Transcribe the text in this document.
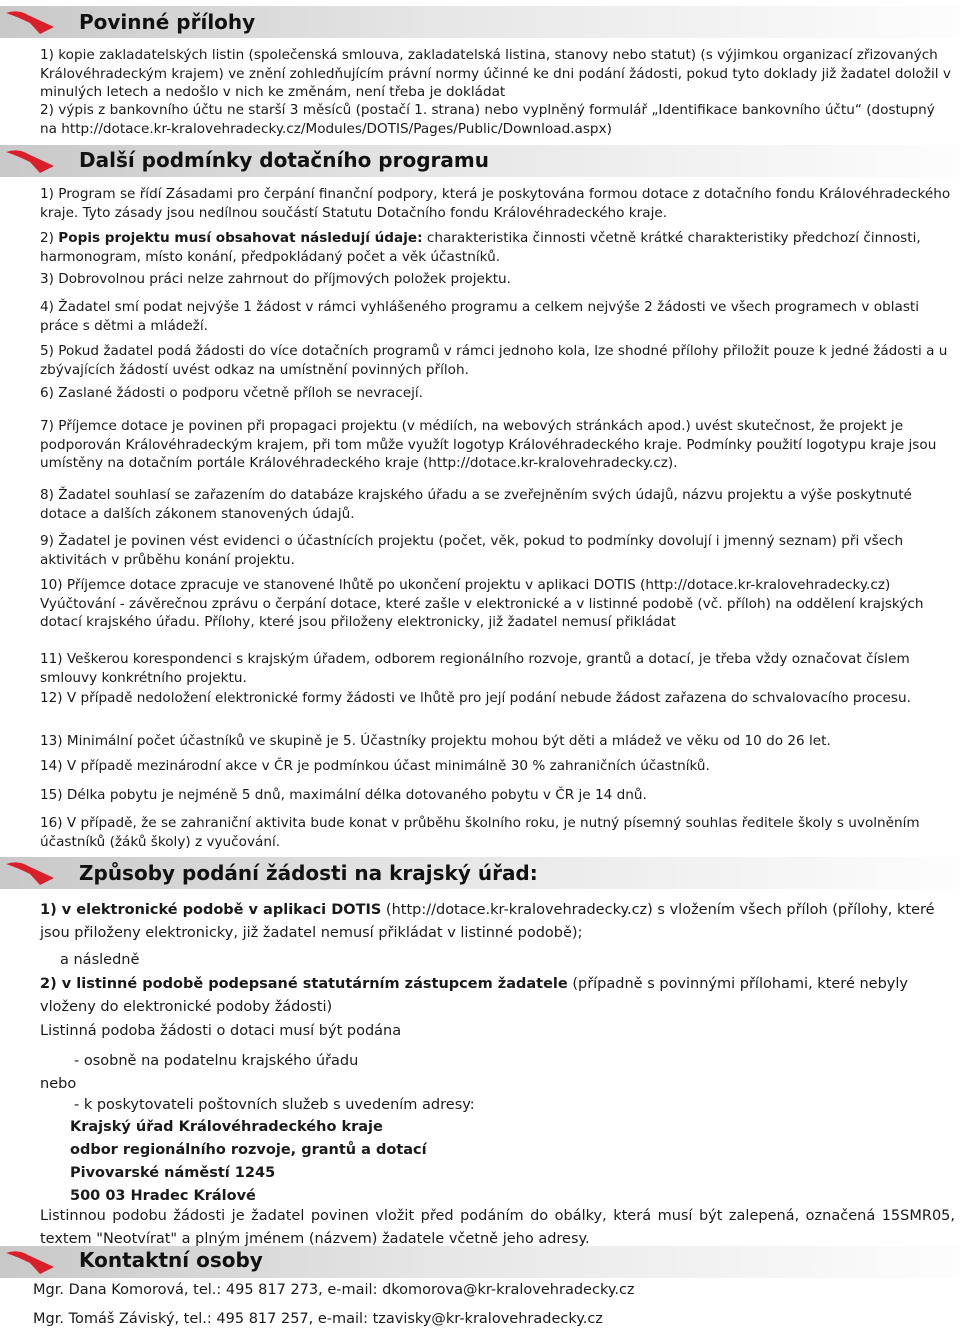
Povinné přílohy
1) kopie zakladatelských listin (společenská smlouva, zakladatelská listina, stanovy nebo statut) (s výjimkou organizací zřizovaných Královéhradeckým krajem) ve znění zohledňujícím právní normy účinné ke dni podání žádosti, pokud tyto doklady již žadatel doložil v minulých letech a nedošlo v nich ke změnám, není třeba je dokládat
2) výpis z bankovního účtu ne starší 3 měsíců (postačí 1. strana) nebo vyplněný formulář „Identifikace bankovního účtu“ (dostupný na http://dotace.kr-kralovehradecky.cz/Modules/DOTIS/Pages/Public/Download.aspx)
Další podmínky dotačního programu
1) Program se řídí Zásadami pro čerpání finanční podpory, která je poskytována formou dotace z dotačního fondu Královéhradeckého kraje. Tyto zásady jsou nedílnou součástí Statutu Dotačního fondu Královéhradeckého kraje.
2) Popis projektu musí obsahovat následují údaje: charakteristika činnosti včetně krátké charakteristiky předchozí činnosti, harmonogram, místo konání, předpokládaný počet a věk účastníků.
3) Dobrovolnou práci nelze zahrnout do příjmových položek projektu.
4) Žadatel smí podat nejvýše 1 žádost v rámci vyhlášeného programu a celkem nejvýše 2 žádosti ve všech programech v oblasti práce s dětmi a mládeží.
5) Pokud žadatel podá žádosti do více dotačních programů v rámci jednoho kola, lze shodné přílohy přiložit pouze k jedné žádosti a u zbývajících žádostí uvést odkaz na umístnění povinných příloh.
6) Zaslané žádosti o podporu včetně příloh se nevracejí.
7) Příjemce dotace je povinen při propagaci projektu (v médiích, na webových stránkách apod.) uvést skutečnost, že projekt je podporován Královéhradeckým krajem, při tom může využít logotyp Královéhradeckého kraje. Podmínky použití logotypu kraje jsou umístěny na dotačním portále Královéhradeckého kraje (http://dotace.kr-kralovehradecky.cz).
8) Žadatel souhlasí se zařazením do databáze krajského úřadu a se zveřejněním svých údajů, názvu projektu a výše poskytnuté dotace a dalších zákonem stanovených údajů.
9) Žadatel je povinen vést evidenci o účastnících projektu (počet, věk, pokud to podmínky dovolují i jmenný seznam) při všech aktivitách v průběhu konání projektu.
10) Příjemce dotace zpracuje ve stanovené lhůtě po ukončení projektu v aplikaci DOTIS (http://dotace.kr-kralovehradecky.cz) Vyúčtování - závěrečnou zprávu o čerpání dotace, které zašle v elektronické a v listinné podobě (vč. příloh) na oddělení krajských dotací krajského úřadu. Přílohy, které jsou přiloženy elektronicky, již žadatel nemusí přikládat
11) Veškerou korespondenci s krajským úřadem, odborem regionálního rozvoje, grantů a dotací, je třeba vždy označovat číslem smlouvy konkrétního projektu.
12) V případě nedoložení elektronické formy žádosti ve lhůtě pro její podání nebude žádost zařazena do schvalovacího procesu.
13) Minimální počet účastníků ve skupině je 5. Účastníky projektu mohou být děti a mládež ve věku od 10 do 26 let.
14) V případě mezinárodní akce v ČR je podmínkou účast minimálně 30 % zahraničních účastníků.
15) Délka pobytu je nejméně 5 dnů, maximální délka dotovaného pobytu v ČR je 14 dnů.
16) V případě, že se zahraniční aktivita bude konat v průběhu školního roku, je nutný písemný souhlas ředitele školy s uvolněním účastníků (žáků školy) z vyučování.
Způsoby podání žádosti na krajský úřad:
1) v elektronické podobě v aplikaci DOTIS (http://dotace.kr-kralovehradecky.cz) s vložením všech příloh (přílohy, které jsou přiloženy elektronicky, již žadatel nemusí přikládat v listinné podobě);
a následně
2) v listinné podobě podepsané statutárním zástupcem žadatele (případně s povinnými přílohami, které nebyly vloženy do elektronické podoby žádosti)
Listinná podoba žádosti o dotaci musí být podána
- osobně na podatelnu krajského úřadu
nebo
- k poskytovateli poštovních služeb s uvedením adresy:
Krajský úřad Královéhradeckého kraje
odbor regionálního rozvoje, grantů a dotací
Pivovarské náměstí 1245
500 03 Hradec Králové
Listinnou podobu žádosti je žadatel povinen vložit před podáním do obálky, která musí být zalepená, označená 15SMR05, textem "Neotvírat" a plným jménem (názvem) žadatele včetně jeho adresy.
Kontaktní osoby
Mgr. Dana Komorová, tel.: 495 817 273, e-mail: dkomorova@kr-kralovehradecky.cz
Mgr. Tomáš Záviský, tel.: 495 817 257, e-mail: tzavisky@kr-kralovehradecky.cz
